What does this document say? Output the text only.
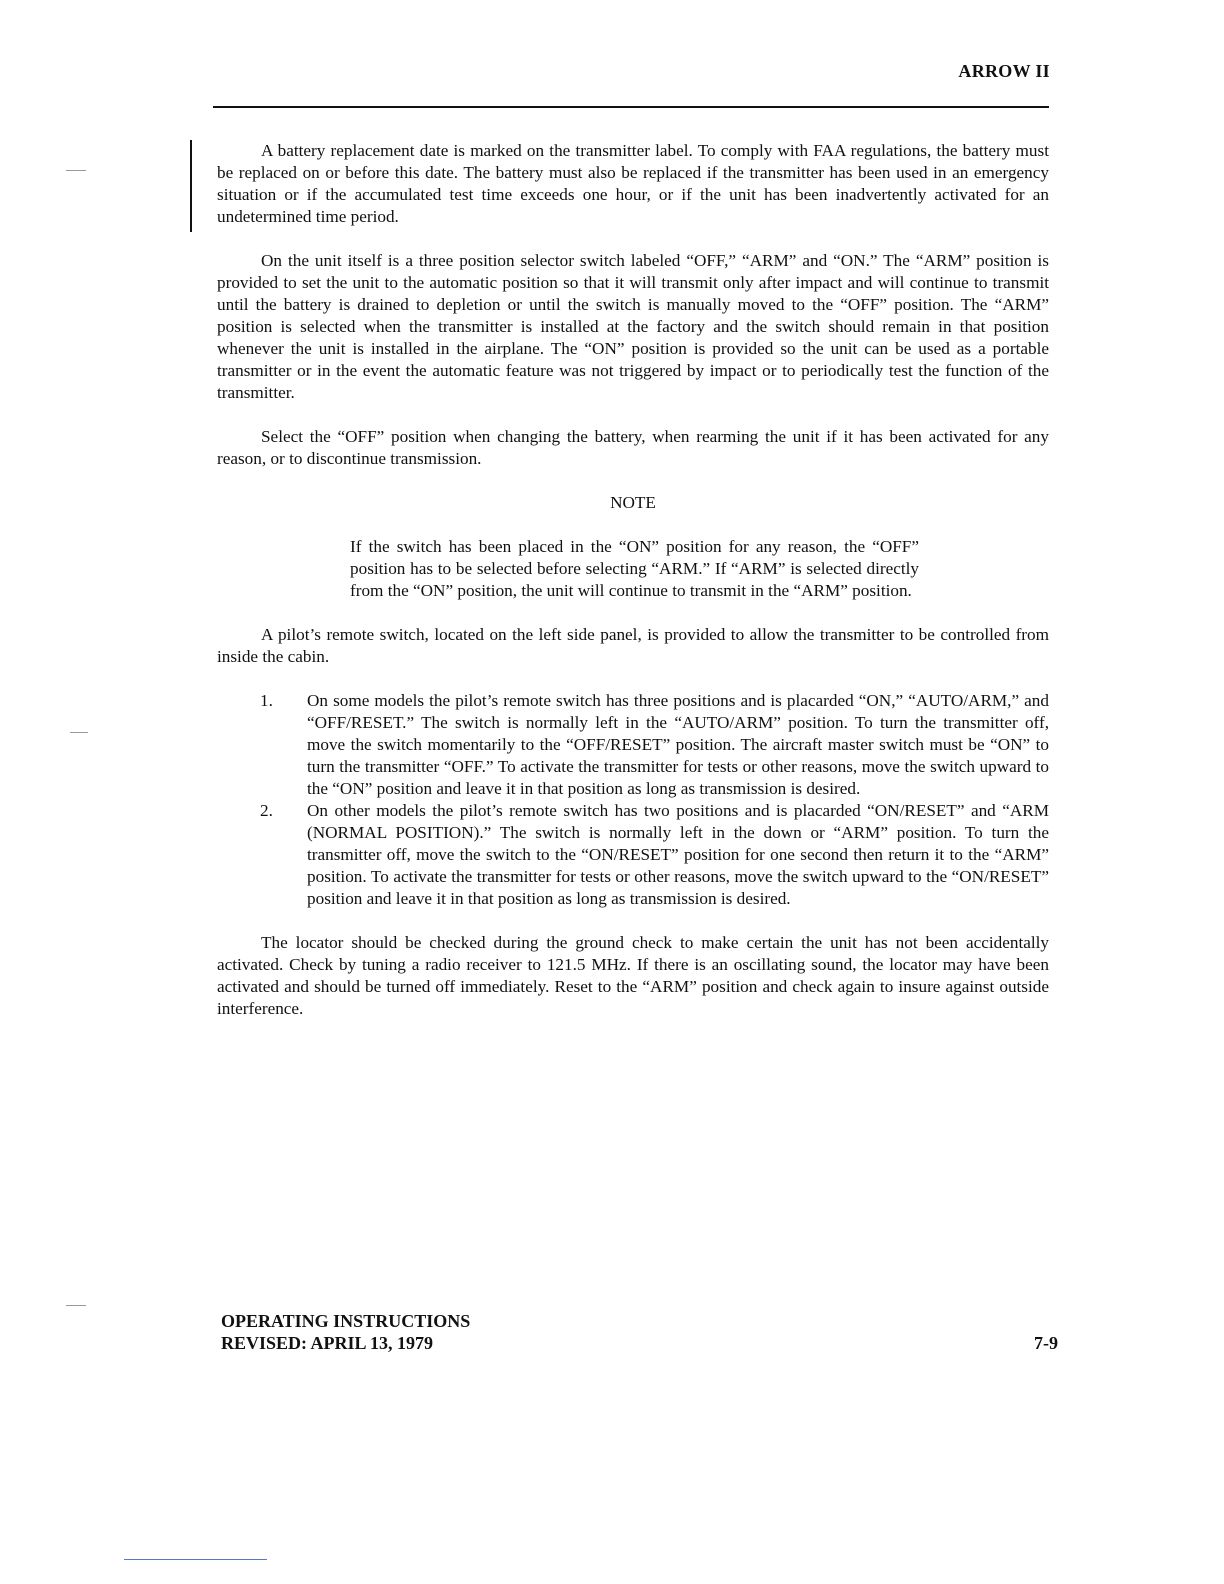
ARROW II

A battery replacement date is marked on the transmitter label. To comply with FAA regulations, the battery must be replaced on or before this date. The battery must also be replaced if the transmitter has been used in an emergency situation or if the accumulated test time exceeds one hour, or if the unit has been inadvertently activated for an undetermined time period.

On the unit itself is a three position selector switch labeled “OFF,” “ARM” and “ON.” The “ARM” position is provided to set the unit to the automatic position so that it will transmit only after impact and will continue to transmit until the battery is drained to depletion or until the switch is manually moved to the “OFF” position. The “ARM” position is selected when the transmitter is installed at the factory and the switch should remain in that position whenever the unit is installed in the airplane. The “ON” position is provided so the unit can be used as a portable transmitter or in the event the automatic feature was not triggered by impact or to periodically test the function of the transmitter.

Select the “OFF” position when changing the battery, when rearming the unit if it has been activated for any reason, or to discontinue transmission.

NOTE

If the switch has been placed in the “ON” position for any reason, the “OFF” position has to be selected before selecting “ARM.” If “ARM” is selected directly from the “ON” position, the unit will continue to transmit in the “ARM” position.

A pilot’s remote switch, located on the left side panel, is provided to allow the transmitter to be controlled from inside the cabin.

1. On some models the pilot’s remote switch has three positions and is placarded “ON,” “AUTO/ARM,” and “OFF/RESET.” The switch is normally left in the “AUTO/ARM” position. To turn the transmitter off, move the switch momentarily to the “OFF/RESET” position. The aircraft master switch must be “ON” to turn the transmitter “OFF.” To activate the transmitter for tests or other reasons, move the switch upward to the “ON” position and leave it in that position as long as transmission is desired.
2. On other models the pilot’s remote switch has two positions and is placarded “ON/RESET” and “ARM (NORMAL POSITION).” The switch is normally left in the down or “ARM” position. To turn the transmitter off, move the switch to the “ON/RESET” position for one second then return it to the “ARM” position. To activate the transmitter for tests or other reasons, move the switch upward to the “ON/RESET” position and leave it in that position as long as transmission is desired.

The locator should be checked during the ground check to make certain the unit has not been accidentally activated. Check by tuning a radio receiver to 121.5 MHz. If there is an oscillating sound, the locator may have been activated and should be turned off immediately. Reset to the “ARM” position and check again to insure against outside interference.

OPERATING INSTRUCTIONS
REVISED: APRIL 13, 1979	7-9
